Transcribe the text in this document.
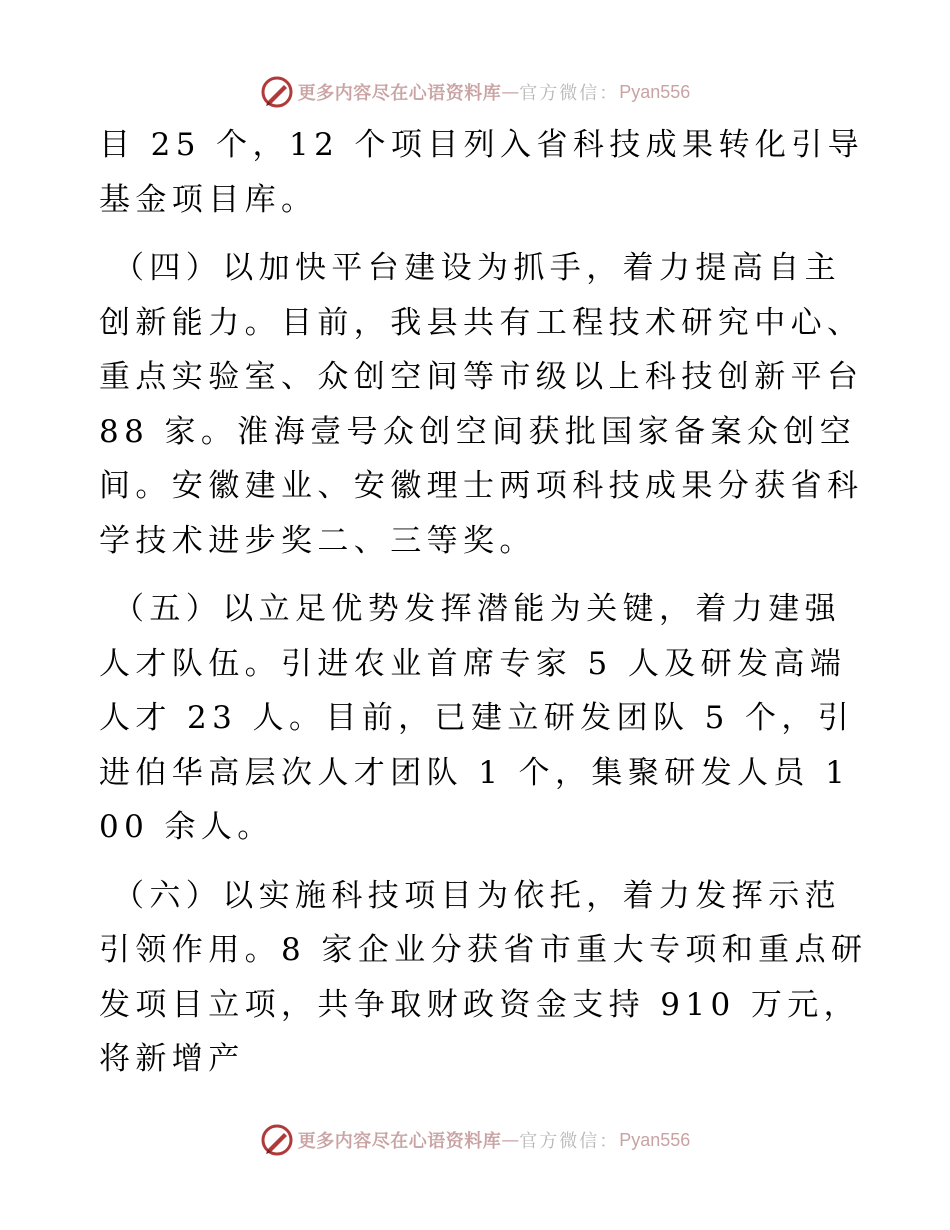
更多内容尽在心语资料库 — 官方微信： Pyan556

目 25 个，12 个项目列入省科技成果转化引导基金项目库。

（四）以加快平台建设为抓手，着力提高自主创新能力。目前，我县共有工程技术研究中心、重点实验室、众创空间等市级以上科技创新平台 88 家。淮海壹号众创空间获批国家备案众创空间。安徽建业、安徽理士两项科技成果分获省科学技术进步奖二、三等奖。

（五）以立足优势发挥潜能为关键，着力建强人才队伍。引进农业首席专家 5 人及研发高端人才 23 人。目前，已建立研发团队 5 个，引进伯华高层次人才团队 1 个，集聚研发人员 100 余人。

（六）以实施科技项目为依托，着力发挥示范引领作用。8 家企业分获省市重大专项和重点研发项目立项，共争取财政资金支持 910 万元，将新增产

更多内容尽在心语资料库 — 官方微信： Pyan556
